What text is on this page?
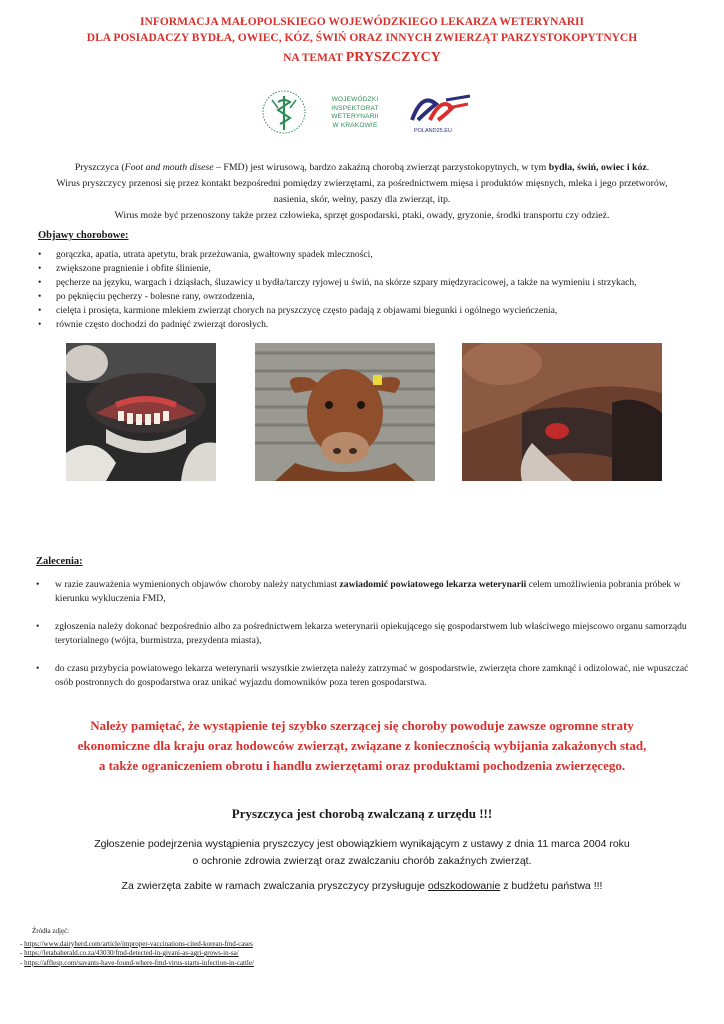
INFORMACJA MAŁOPOLSKIEGO WOJEWÓDZKIEGO LEKARZA WETERYNARII
DLA POSIADACZY BYDŁA, OWIEC, KÓZ, ŚWIŃ ORAZ INNYCH ZWIERZĄT PARZYSTOKOPYTNYCH
NA TEMAT PRYSZCZYCY
WOJEWÓDZKI INSPEKTORAT
WETERYNARII
W KRAKOWIE
POLAND25.EU

Pryszczyca (Foot and mouth disese – FMD) jest wirusową, bardzo zakaźną chorobą zwierząt parzystokopytnych, w tym bydła, świń, owiec i kóz.

Wirus pryszczycy przenosi się przez kontakt bezpośredni pomiędzy zwierzętami, za pośrednictwem mięsa i produktów mięsnych, mleka i jego przetworów, nasienia, skór, wełny, paszy dla zwierząt, itp.

Wirus może być przenoszony także przez człowieka, sprzęt gospodarski, ptaki, owady, gryzonie, środki transportu czy odzież.

Objawy chorobowe:
• gorączka, apatia, utrata apetytu, brak przeżuwania, gwałtowny spadek mleczności,
• zwiększone pragnienie i obfite ślinienie,
• pęcherze na języku, wargach i dziąsłach, śluzawicy u bydła/tarczy ryjowej u świń, na skórze szpary międzyracicowej, a także na wymieniu i strzykach,
• po pęknięciu pęcherzy - bolesne rany, owrzodzenia,
• cielęta i prosięta, karmione mlekiem zwierząt chorych na pryszczycę często padają z objawami biegunki i ogólnego wycieńczenia,
• równie często dochodzi do padnięć zwierząt dorosłych.
Zalecenia:
• w razie zauważenia wymienionych objawów choroby należy natychmiast zawiadomić powiatowego lekarza weterynarii celem umożliwienia pobrania próbek w kierunku wykluczenia FMD,
• zgłoszenia należy dokonać bezpośrednio albo za pośrednictwem lekarza weterynarii opiekującego się gospodarstwem lub właściwego miejscowo organu samorządu terytorialnego (wójta, burmistrza, prezydenta miasta),
• do czasu przybycia powiatowego lekarza weterynarii wszystkie zwierzęta należy zatrzymać w gospodarstwie, zwierzęta chore zamknąć i odizolować, nie wpuszczać osób postronnych do gospodarstwa oraz unikać wyjazdu domowników poza teren gospodarstwa.

Należy pamiętać, że wystąpienie tej szybko szerzącej się choroby powoduje zawsze ogromne straty

ekonomiczne dla kraju oraz hodowców zwierząt, związane z koniecznością wybijania zakażonych stad,

a także ograniczeniem obrotu i handlu zwierzętami oraz produktami pochodzenia zwierzęcego.

Pryszczyca jest chorobą zwalczaną z urzędu !!!

Zgłoszenie podejrzenia wystąpienia pryszczycy jest obowiązkiem wynikającym z ustawy z dnia 11 marca 2004 roku

o ochronie zdrowia zwierząt oraz zwalczaniu chorób zakaźnych zwierząt.

Za zwierzęta zabite w ramach zwalczania pryszczycy przysługuje odszkodowanie z budżetu państwa !!!
Źródła zdjęć:
- https://www.dairyherd.com/article/improper-vaccinations-cited-korean-fmd-cases
- https://letabaherald.co.za/43030/fmd-detected-in-givani-as-agri-grows-in-sa/
- https://afflesp.com/savants-have-found-where-fmd-virus-starts-infection-in-cattle/
